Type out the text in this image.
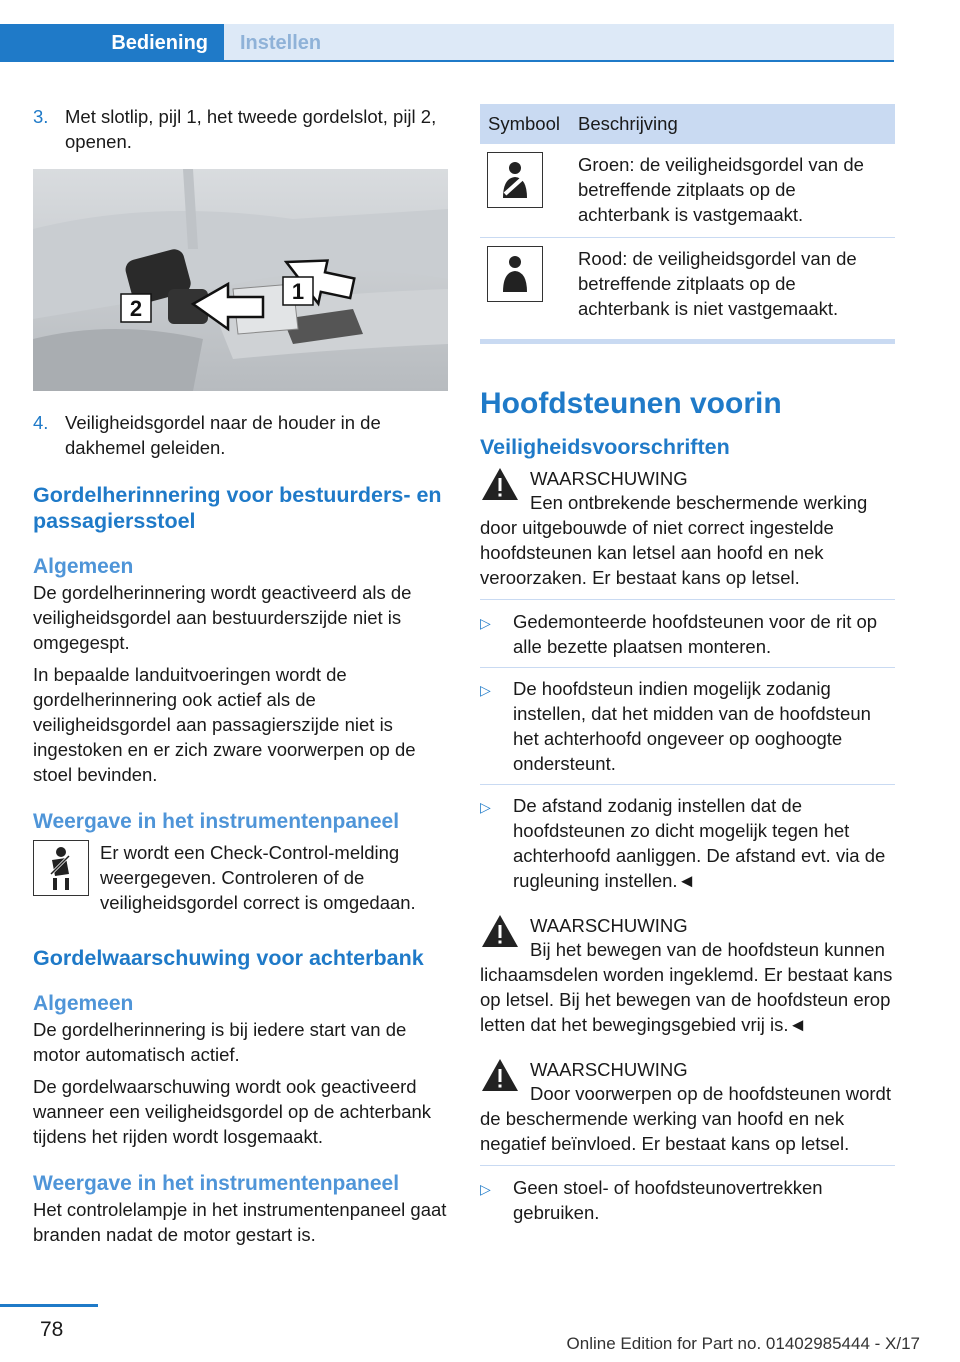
Bediening	Instellen
3. Met slotlip, pijl 1, het tweede gordelslot, pijl 2, openen.
2
1
4. Veiligheidsgordel naar de houder in de dakhemel geleiden.
Gordelherinnering voor bestuurders- en passagiersstoel
Algemeen

De gordelherinnering wordt geactiveerd als de veiligheidsgordel aan bestuurderszijde niet is omgegespt.

In bepaalde landuitvoeringen wordt de gordelherinnering ook actief als de veiligheidsgordel aan passagierszijde niet is ingestoken en er zich zware voorwerpen op de stoel bevinden.

Weergave in het instrumentenpaneel

Er wordt een Check-Control-melding weergegeven. Controleren of de veiligheidsgordel correct is omgedaan.

Gordelwaarschuwing voor achterbank
Algemeen

De gordelherinnering is bij iedere start van de motor automatisch actief.

De gordelwaarschuwing wordt ook geactiveerd wanneer een veiligheidsgordel op de achterbank tijdens het rijden wordt losgemaakt.

Weergave in het instrumentenpaneel

Het controlelampje in het instrumentenpaneel gaat branden nadat de motor gestart is.

Symbool	Beschrijving

	Groen: de veiligheidsgordel van de betreffende zitplaats op de achterbank is vastgemaakt.

	Rood: de veiligheidsgordel van de betreffende zitplaats op de achterbank is niet vastgemaakt.
Hoofdsteunen voorin
Veiligheidsvoorschriften
WAARSCHUWING

Een ontbrekende beschermende werking door uitgebouwde of niet correct ingestelde hoofdsteunen kan letsel aan hoofd en nek veroorzaken. Er bestaat kans op letsel.

▷	Gedemonteerde hoofdsteunen voor de rit op alle bezette plaatsen monteren.
▷	De hoofdsteun indien mogelijk zodanig instellen, dat het midden van de hoofdsteun het achterhoofd ongeveer op ooghoogte ondersteunt.
▷	De afstand zodanig instellen dat de hoofdsteunen zo dicht mogelijk tegen het achterhoofd aanliggen. De afstand evt. via de rugleuning instellen.◄
WAARSCHUWING

Bij het bewegen van de hoofdsteun kunnen lichaamsdelen worden ingeklemd. Er bestaat kans op letsel. Bij het bewegen van de hoofdsteun erop letten dat het bewegingsgebied vrij is.◄

WAARSCHUWING

Door voorwerpen op de hoofdsteunen wordt de beschermende werking van hoofd en nek negatief beïnvloed. Er bestaat kans op letsel.

▷	Geen stoel- of hoofdsteunovertrekken gebruiken.
78
Online Edition for Part no. 01402985444 - X/17
